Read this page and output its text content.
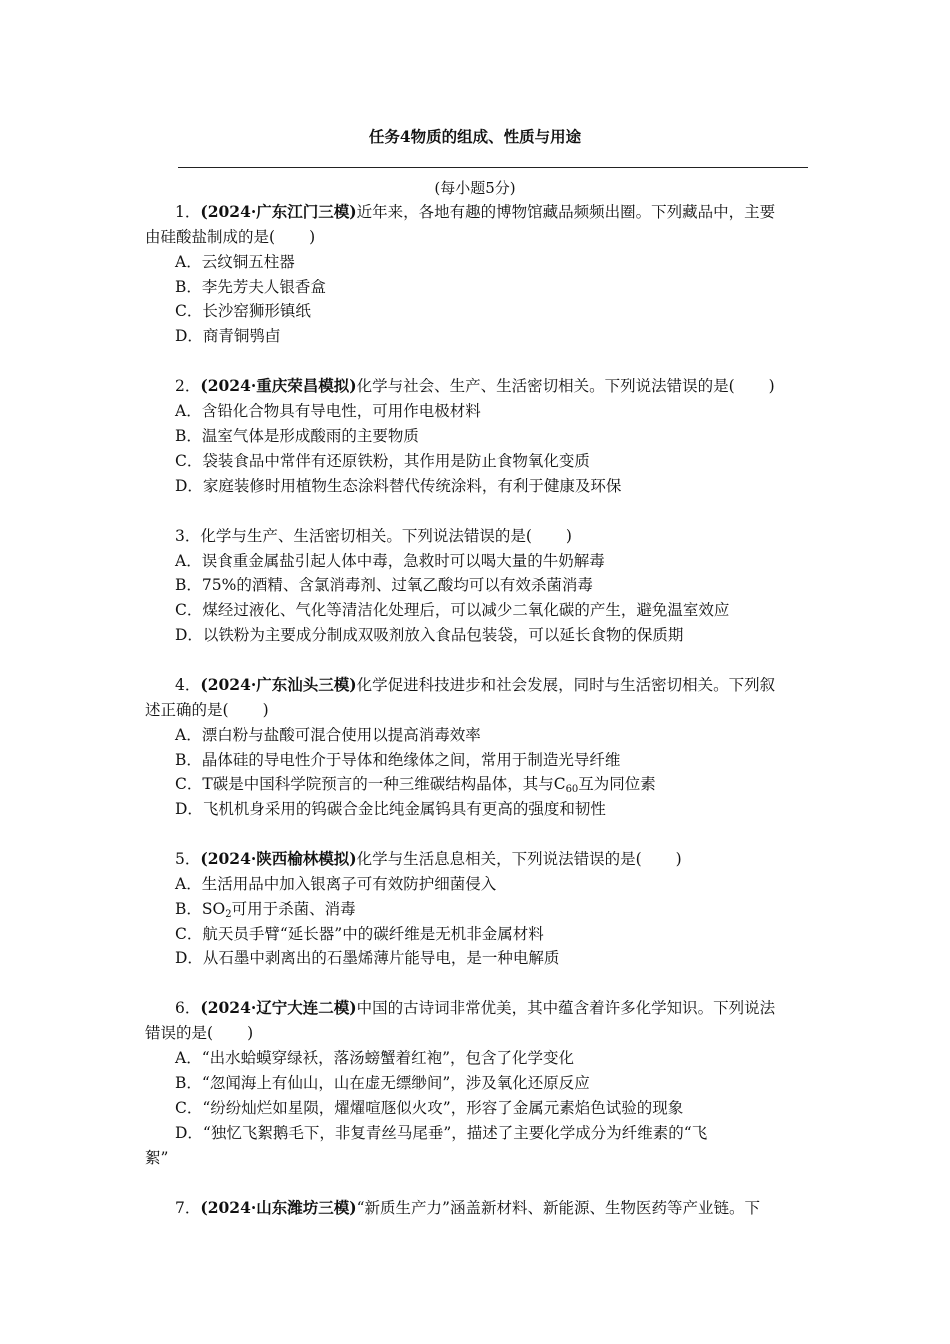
任务4物质的组成、性质与用途
(每小题5分)
1．(2024·广东江门三模)近年来，各地有趣的博物馆藏品频频出圈。下列藏品中，主要
由硅酸盐制成的是( )
A．云纹铜五柱器
B．李先芳夫人银香盒
C．长沙窑狮形镇纸
D．商青铜鸮卣
2．(2024·重庆荣昌模拟)化学与社会、生产、生活密切相关。下列说法错误的是( )
A．含铅化合物具有导电性，可用作电极材料
B．温室气体是形成酸雨的主要物质
C．袋装食品中常伴有还原铁粉，其作用是防止食物氧化变质
D．家庭装修时用植物生态涂料替代传统涂料，有利于健康及环保
3．化学与生产、生活密切相关。下列说法错误的是( )
A．误食重金属盐引起人体中毒，急救时可以喝大量的牛奶解毒
B．75%的酒精、含氯消毒剂、过氧乙酸均可以有效杀菌消毒
C．煤经过液化、气化等清洁化处理后，可以减少二氧化碳的产生，避免温室效应
D．以铁粉为主要成分制成双吸剂放入食品包装袋，可以延长食物的保质期
4．(2024·广东汕头三模)化学促进科技进步和社会发展，同时与生活密切相关。下列叙
述正确的是( )
A．漂白粉与盐酸可混合使用以提高消毒效率
B．晶体硅的导电性介于导体和绝缘体之间，常用于制造光导纤维
C．T碳是中国科学院预言的一种三维碳结构晶体，其与$C_{60}$互为同位素
D．飞机机身采用的钨碳合金比纯金属钨具有更高的强度和韧性
5．(2024·陕西榆林模拟)化学与生活息息相关，下列说法错误的是( )
A．生活用品中加入银离子可有效防护细菌侵入
B．$SO_2$可用于杀菌、消毒
C．航天员手臂“延长器”中的碳纤维是无机非金属材料
D．从石墨中剥离出的石墨烯薄片能导电，是一种电解质
6．(2024·辽宁大连二模)中国的古诗词非常优美，其中蕴含着许多化学知识。下列说法
错误的是( )
A．“出水蛤蟆穿绿袄，落汤螃蟹着红袍”，包含了化学变化
B．“忽闻海上有仙山，山在虚无缥缈间”，涉及氧化还原反应
C．“纷纷灿烂如星陨，燿燿喧豗似火攻”，形容了金属元素焰色试验的现象
D．“独忆飞絮鹅毛下，非复青丝马尾垂”，描述了主要化学成分为纤维素的“飞
絮”
7．(2024·山东潍坊三模)“新质生产力”涵盖新材料、新能源、生物医药等产业链。下
